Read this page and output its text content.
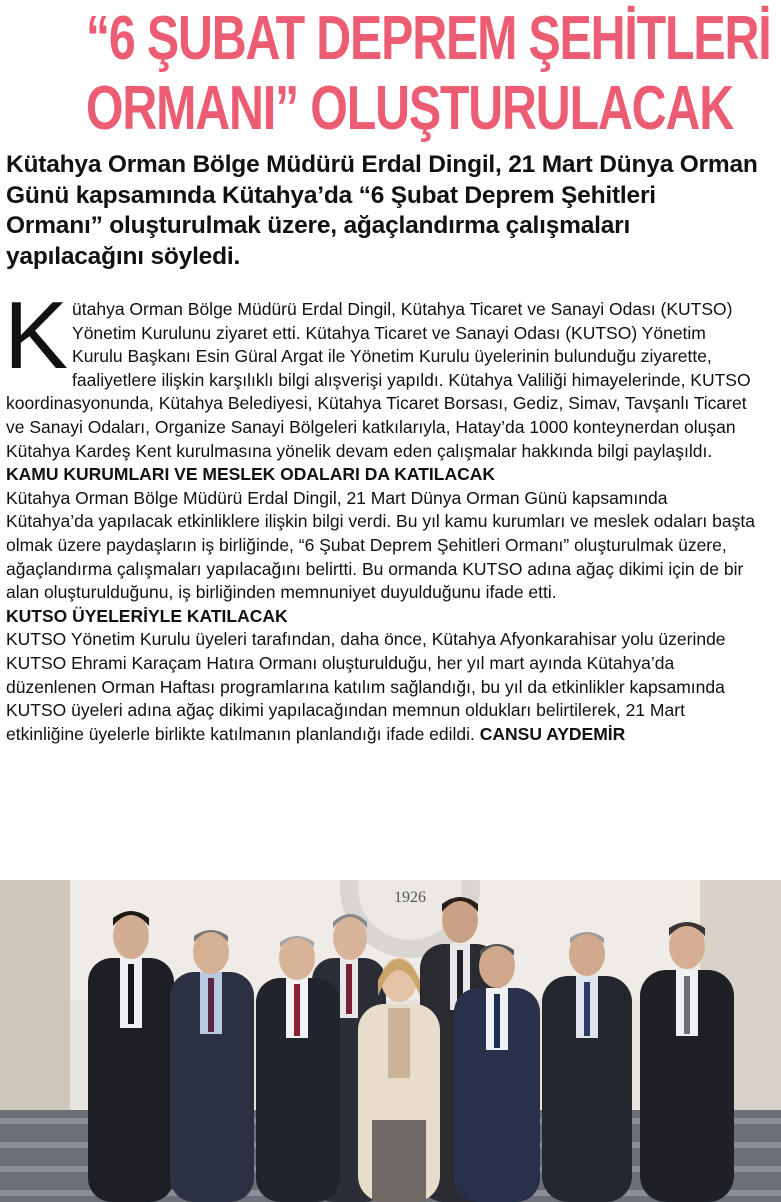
“6 ŞUBAT DEPREM ŞEHİTLERİ
ORMANI” OLUŞTURULACAK
Kütahya Orman Bölge Müdürü Erdal Dingil, 21 Mart Dünya Orman Günü kapsamında Kütahya’da “6 Şubat Deprem Şehitleri Ormanı” oluşturulmak üzere, ağaçlandırma çalışmaları yapılacağını söyledi.

Kütahya Orman Bölge Müdürü Erdal Dingil, Kütahya Ticaret ve Sanayi Odası (KUTSO) Yönetim Kurulunu ziyaret etti. Kütahya Ticaret ve Sanayi Odası (KUTSO) Yönetim Kurulu Başkanı Esin Güral Argat ile Yönetim Kurulu üyelerinin bulunduğu ziyarette, faaliyetlere ilişkin karşılıklı bilgi alışverişi yapıldı. Kütahya Valiliği himayelerinde, KUTSO koordinasyonunda, Kütahya Belediyesi, Kütahya Ticaret Borsası, Gediz, Simav, Tavşanlı Ticaret ve Sanayi Odaları, Organize Sanayi Bölgeleri katkılarıyla, Hatay’da 1000 konteynerdan oluşan Kütahya Kardeş Kent kurulmasına yönelik devam eden çalışmalar hakkında bilgi paylaşıldı.

KAMU KURUMLARI VE MESLEK ODALARI DA KATILACAK

Kütahya Orman Bölge Müdürü Erdal Dingil, 21 Mart Dünya Orman Günü kapsamında Kütahya’da yapılacak etkinliklere ilişkin bilgi verdi. Bu yıl kamu kurumları ve meslek odaları başta olmak üzere paydaşların iş birliğinde, “6 Şubat Deprem Şehitleri Ormanı” oluşturulmak üzere, ağaçlandırma çalışmaları yapılacağını belirtti. Bu ormanda KUTSO adına ağaç dikimi için de bir alan oluşturulduğunu, iş birliğinden memnuniyet duyulduğunu ifade etti.

KUTSO ÜYELERİYLE KATILACAK

KUTSO Yönetim Kurulu üyeleri tarafından, daha önce, Kütahya Afyonkarahisar yolu üzerinde KUTSO Ehrami Karaçam Hatıra Ormanı oluşturulduğu, her yıl mart ayında Kütahya’da düzenlenen Orman Haftası programlarına katılım sağlandığı, bu yıl da etkinlikler kapsamında KUTSO üyeleri adına ağaç dikimi yapılacağından memnun oldukları belirtilerek, 21 Mart etkinliğine üyelerle birlikte katılmanın planlandığı ifade edildi. CANSU AYDEMİR

1926
